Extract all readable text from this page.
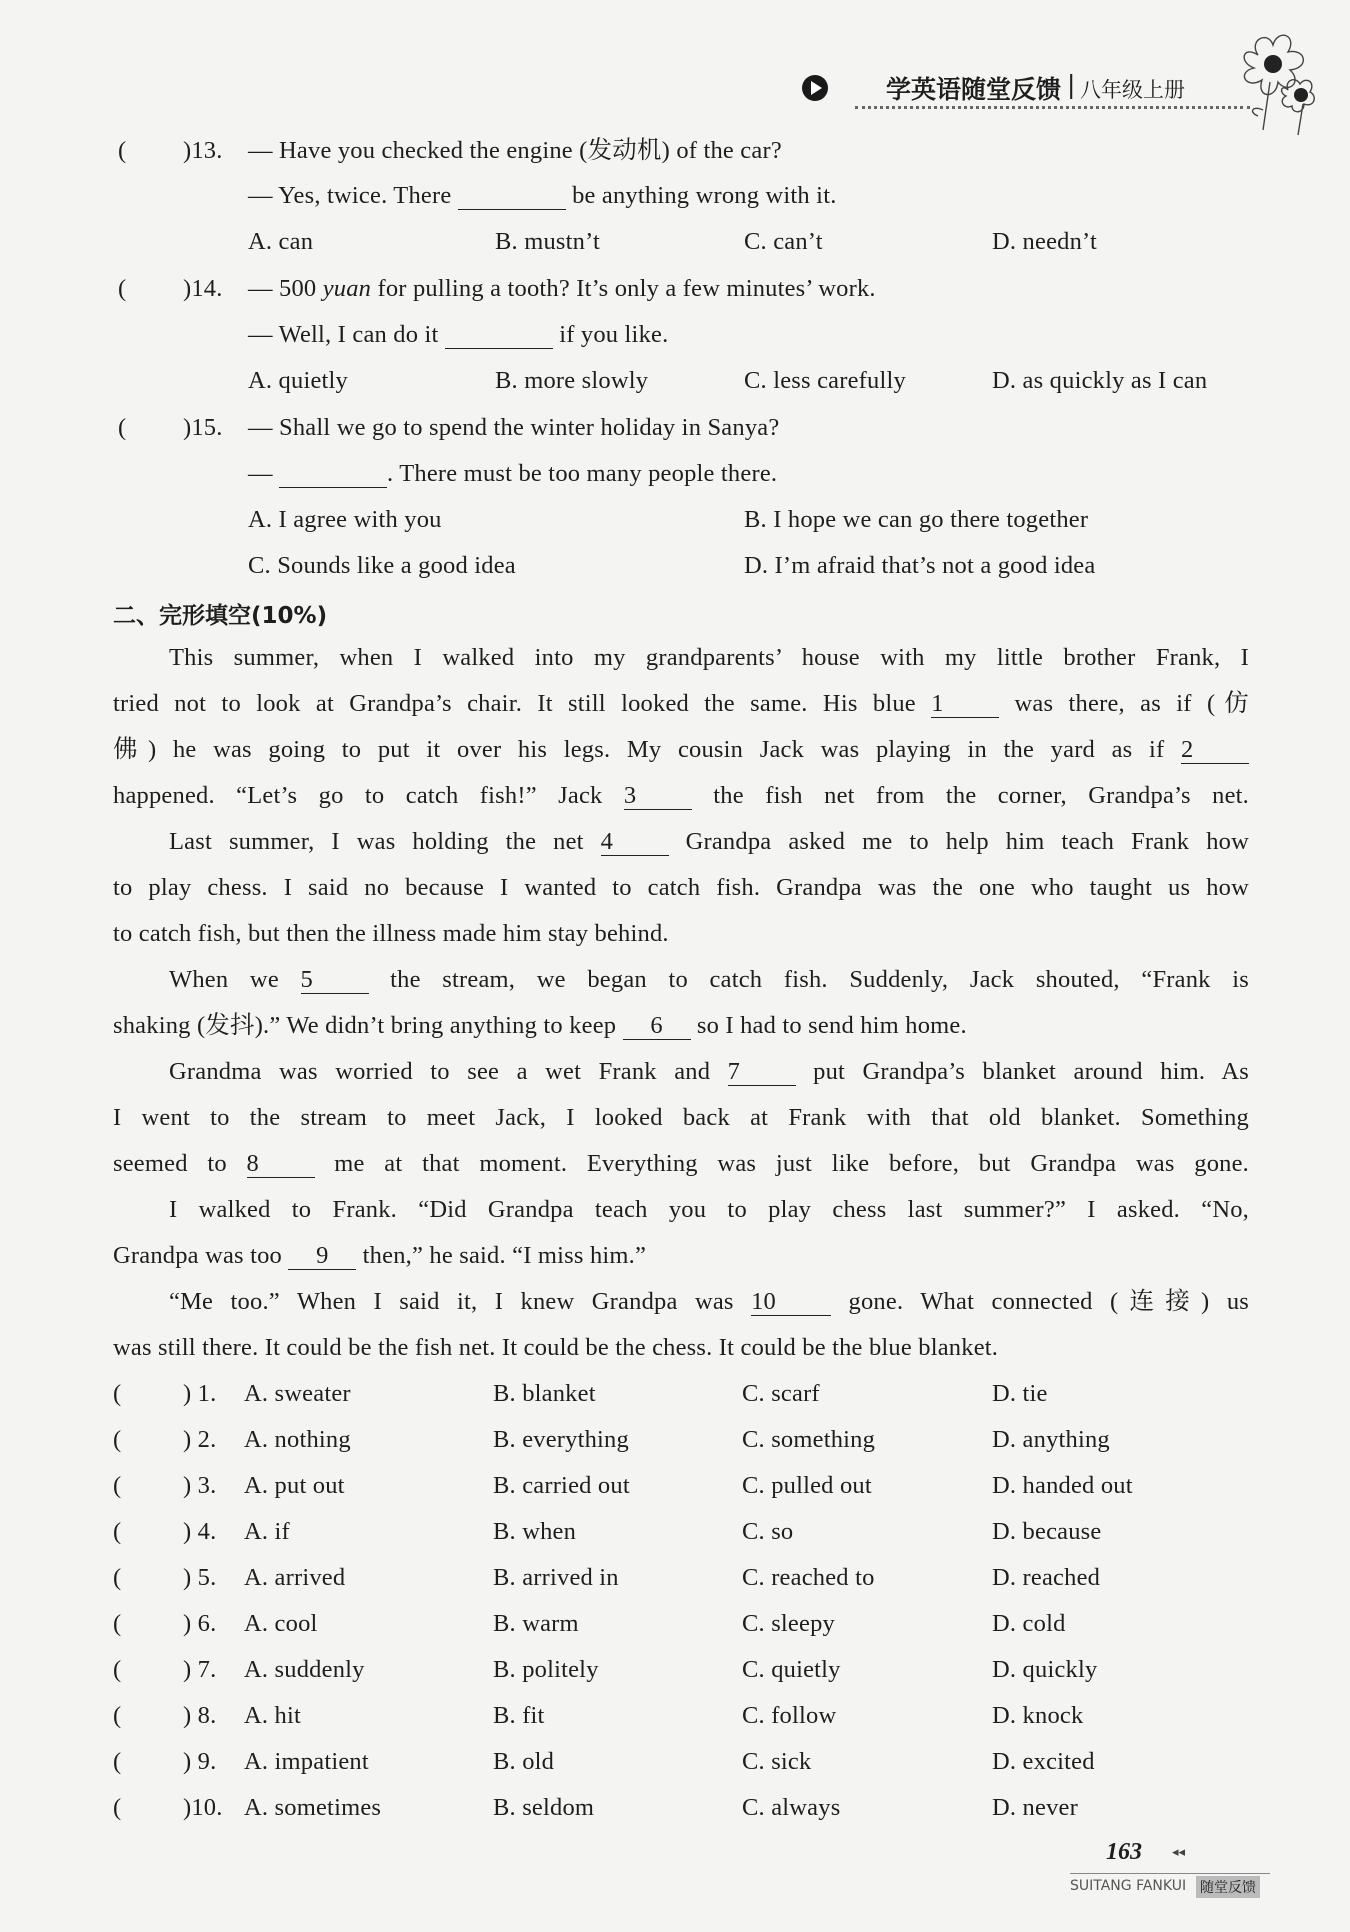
学英语随堂反馈 | 八年级上册
( )13. — Have you checked the engine (发动机) of the car?
— Yes, twice. There	be anything wrong with it.
A. can	B. mustn’t	C. can’t	D. needn’t
( )14. — 500 yuan for pulling a tooth? It’s only a few minutes’ work.
— Well, I can do it	if you like.
A. quietly	B. more slowly	C. less carefully	D. as quickly as I can
( )15. — Shall we go to spend the winter holiday in Sanya?
—	. There must be too many people there.
A. I agree with you	B. I hope we can go there together
C. Sounds like a good idea	D. I’m afraid that’s not a good idea
二、完形填空(10%)
This summer, when I walked into my grandparents’ house with my little brother Frank, I
tried not to look at Grandpa’s chair. It still looked the same. His blue 1	was there, as if (仿
佛) he was going to put it over his legs. My cousin Jack was playing in the yard as if 2
happened. “Let’s go to catch fish!” Jack 3	the fish net from the corner, Grandpa’s net.
Last summer, I was holding the net 4	Grandpa asked me to help him teach Frank how
to play chess. I said no because I wanted to catch fish. Grandpa was the one who taught us how
to catch fish, but then the illness made him stay behind.
When we 5	the stream, we began to catch fish. Suddenly, Jack shouted, “Frank is
shaking (发抖).” We didn’t bring anything to keep 6 so I had to send him home.
Grandma was worried to see a wet Frank and 7	put Grandpa’s blanket around him. As
I went to the stream to meet Jack, I looked back at Frank with that old blanket. Something
seemed to 8	me at that moment. Everything was just like before, but Grandpa was gone.
I walked to Frank. “Did Grandpa teach you to play chess last summer?” I asked. “No,
Grandpa was too 9 then,” he said. “I miss him.”
“Me too.” When I said it, I knew Grandpa was 10	gone. What connected (连接) us
was still there. It could be the fish net. It could be the chess. It could be the blue blanket.
(	) 1. A. sweater	B. blanket	C. scarf	D. tie
(	) 2. A. nothing	B. everything	C. something	D. anything
(	) 3. A. put out	B. carried out	C. pulled out	D. handed out
(	) 4. A. if	B. when	C. so	D. because
(	) 5. A. arrived	B. arrived in	C. reached to	D. reached
(	) 6. A. cool	B. warm	C. sleepy	D. cold
(	) 7. A. suddenly	B. politely	C. quietly	D. quickly
(	) 8. A. hit	B. fit	C. follow	D. knock
(	) 9. A. impatient	B. old	C. sick	D. excited
(	)10. A. sometimes	B. seldom	C. always	D. never
163 ◂◂
SUITANG FANKUI 随堂反馈
